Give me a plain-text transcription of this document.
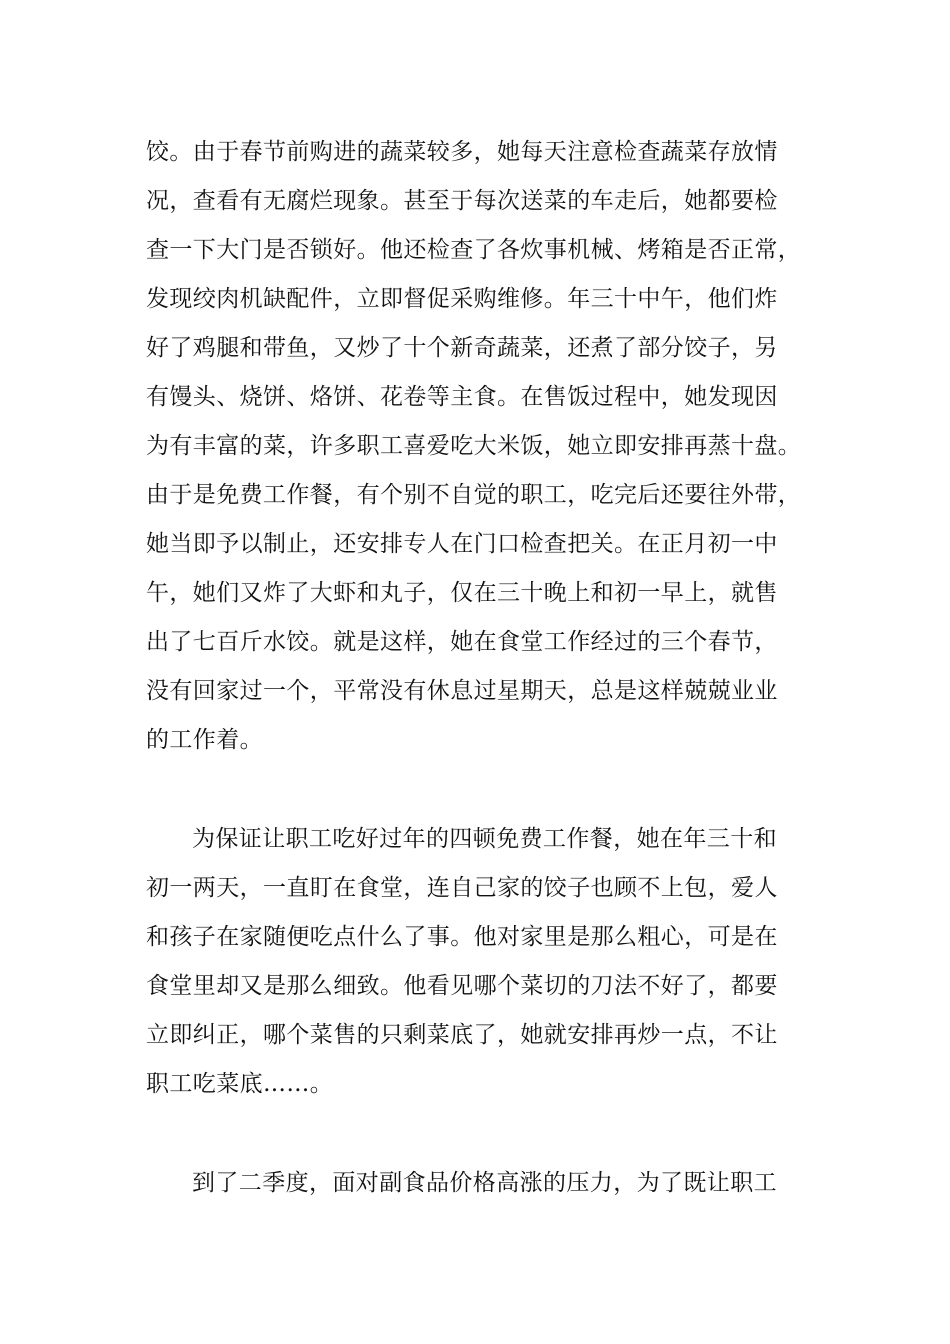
饺。由于春节前购进的蔬菜较多，她每天注意检查蔬菜存放情
况，查看有无腐烂现象。甚至于每次送菜的车走后，她都要检
查一下大门是否锁好。他还检查了各炊事机械、烤箱是否正常，
发现绞肉机缺配件，立即督促采购维修。年三十中午，他们炸
好了鸡腿和带鱼，又炒了十个新奇蔬菜，还煮了部分饺子，另
有馒头、烧饼、烙饼、花卷等主食。在售饭过程中，她发现因
为有丰富的菜，许多职工喜爱吃大米饭，她立即安排再蒸十盘。
由于是免费工作餐，有个别不自觉的职工，吃完后还要往外带，
她当即予以制止，还安排专人在门口检查把关。在正月初一中
午，她们又炸了大虾和丸子，仅在三十晚上和初一早上，就售
出了七百斤水饺。就是这样，她在食堂工作经过的三个春节，
没有回家过一个，平常没有休息过星期天，总是这样兢兢业业
的工作着。
为保证让职工吃好过年的四顿免费工作餐，她在年三十和
初一两天，一直盯在食堂，连自己家的饺子也顾不上包，爱人
和孩子在家随便吃点什么了事。他对家里是那么粗心，可是在
食堂里却又是那么细致。他看见哪个菜切的刀法不好了，都要
立即纠正，哪个菜售的只剩菜底了，她就安排再炒一点，不让
职工吃菜底……。
到了二季度，面对副食品价格高涨的压力，为了既让职工
